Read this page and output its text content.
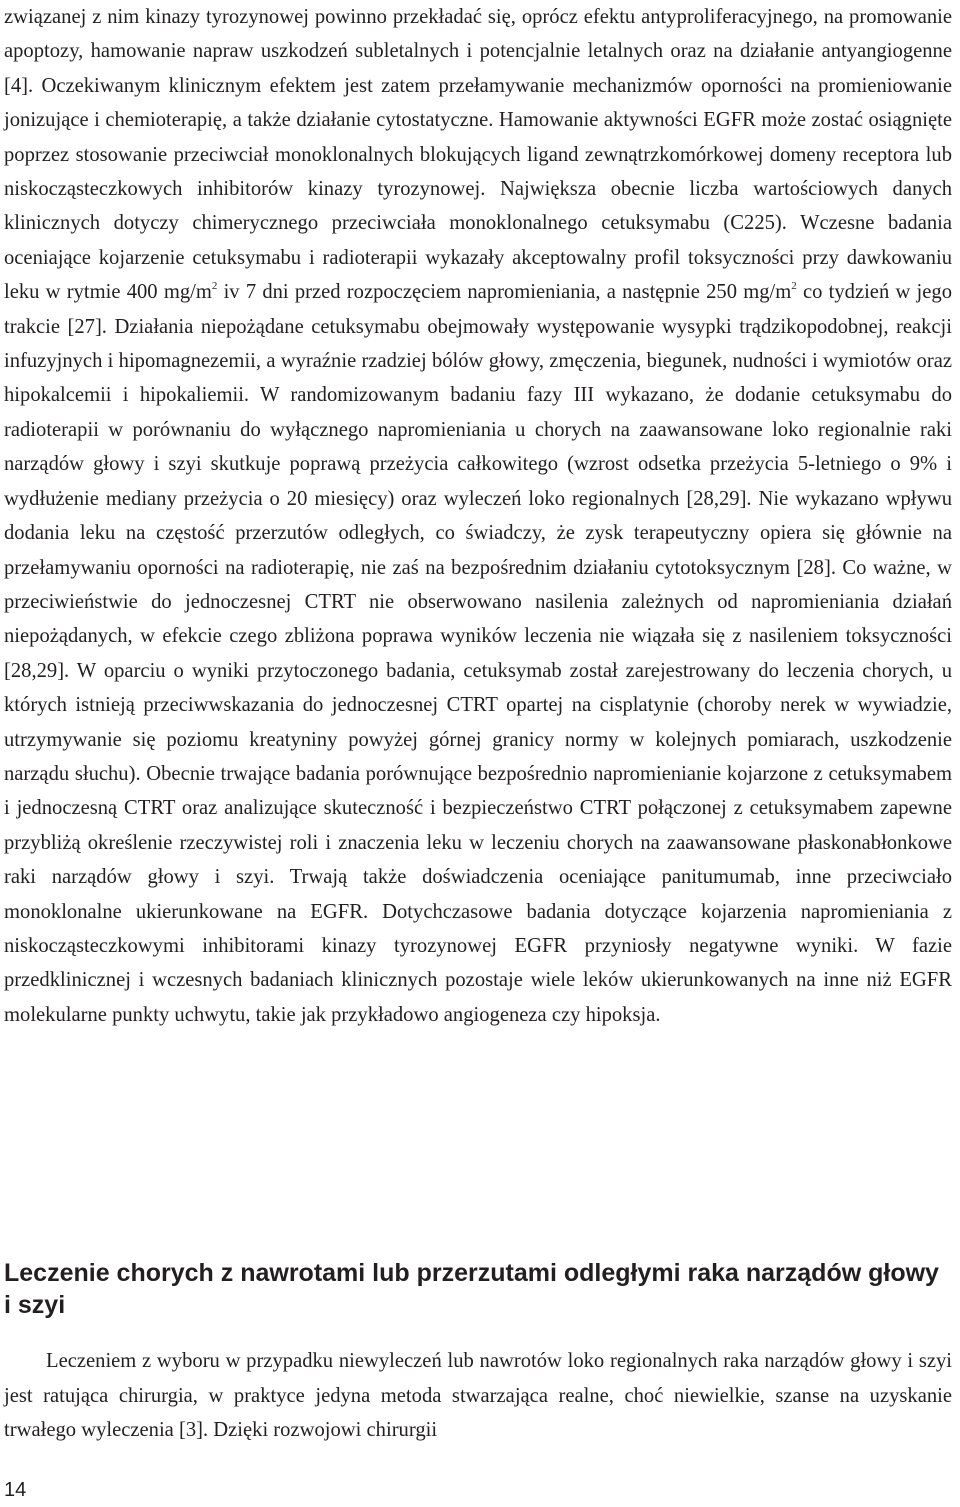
związanej z nim kinazy tyrozynowej powinno przekładać się, oprócz efektu antyproliferacyjnego, na promowanie apoptozy, hamowanie napraw uszkodzeń subletalnych i potencjalnie letalnych oraz na działanie antyangiogenne [4]. Oczekiwanym klinicznym efektem jest zatem przełamywanie mechanizmów oporności na promieniowanie jonizujące i chemioterapię, a także działanie cytostatyczne. Hamowanie aktywności EGFR może zostać osiągnięte poprzez stosowanie przeciwciał monoklonalnych blokujących ligand zewnątrzkomórkowej domeny receptora lub niskocząsteczkowych inhibitorów kinazy tyrozynowej. Największa obecnie liczba wartościowych danych klinicznych dotyczy chimerycznego przeciwciała monoklonalnego cetuksymabu (C225). Wczesne badania oceniające kojarzenie cetuksymabu i radioterapii wykazały akceptowalny profil toksyczności przy dawkowaniu leku w rytmie 400 $mg/m^2$ iv 7 dni przed rozpoczęciem napromieniania, a następnie 250 $mg/m^2$ co tydzień w jego trakcie [27]. Działania niepożądane cetuksymabu obejmowały występowanie wysypki trądzikopodobnej, reakcji infuzyjnych i hipomagnezemii, a wyraźnie rzadziej bólów głowy, zmęczenia, biegunek, nudności i wymiotów oraz hipokalcemii i hipokaliemii. W randomizowanym badaniu fazy III wykazano, że dodanie cetuksymabu do radioterapii w porównaniu do wyłącznego napromieniania u chorych na zaawansowane loko regionalnie raki narządów głowy i szyi skutkuje poprawą przeżycia całkowitego (wzrost odsetka przeżycia 5-letniego o 9% i wydłużenie mediany przeżycia o 20 miesięcy) oraz wyleczeń loko regionalnych [28,29]. Nie wykazano wpływu dodania leku na częstość przerzutów odległych, co świadczy, że zysk terapeutyczny opiera się głównie na przełamywaniu oporności na radioterapię, nie zaś na bezpośrednim działaniu cytotoksycznym [28]. Co ważne, w przeciwieństwie do jednoczesnej CTRT nie obserwowano nasilenia zależnych od napromieniania działań niepożądanych, w efekcie czego zbliżona poprawa wyników leczenia nie wiązała się z nasileniem toksyczności [28,29]. W oparciu o wyniki przytoczonego badania, cetuksymab został zarejestrowany do leczenia chorych, u których istnieją przeciwwskazania do jednoczesnej CTRT opartej na cisplatynie (choroby nerek w wywiadzie, utrzymywanie się poziomu kreatyniny powyżej górnej granicy normy w kolejnych pomiarach, uszkodzenie narządu słuchu). Obecnie trwające badania porównujące bezpośrednio napromienianie kojarzone z cetuksymabem i jednoczesną CTRT oraz analizujące skuteczność i bezpieczeństwo CTRT połączonej z cetuksymabem zapewne przybliżą określenie rzeczywistej roli i znaczenia leku w leczeniu chorych na zaawansowane płaskonabłonkowe raki narządów głowy i szyi. Trwają także doświadczenia oceniające panitumumab, inne przeciwciało monoklonalne ukierunkowane na EGFR. Dotychczasowe badania dotyczące kojarzenia napromieniania z niskocząsteczkowymi inhibitorami kinazy tyrozynowej EGFR przyniosły negatywne wyniki. W fazie przedklinicznej i wczesnych badaniach klinicznych pozostaje wiele leków ukierunkowanych na inne niż EGFR molekularne punkty uchwytu, takie jak przykładowo angiogeneza czy hipoksja.

Leczenie chorych z nawrotami lub przerzutami odległymi raka narządów głowy i szyi

Leczeniem z wyboru w przypadku niewyleczeń lub nawrotów loko regionalnych raka narządów głowy i szyi jest ratująca chirurgia, w praktyce jedyna metoda stwarzająca realne, choć niewielkie, szanse na uzyskanie trwałego wyleczenia [3]. Dzięki rozwojowi chirurgii

14
